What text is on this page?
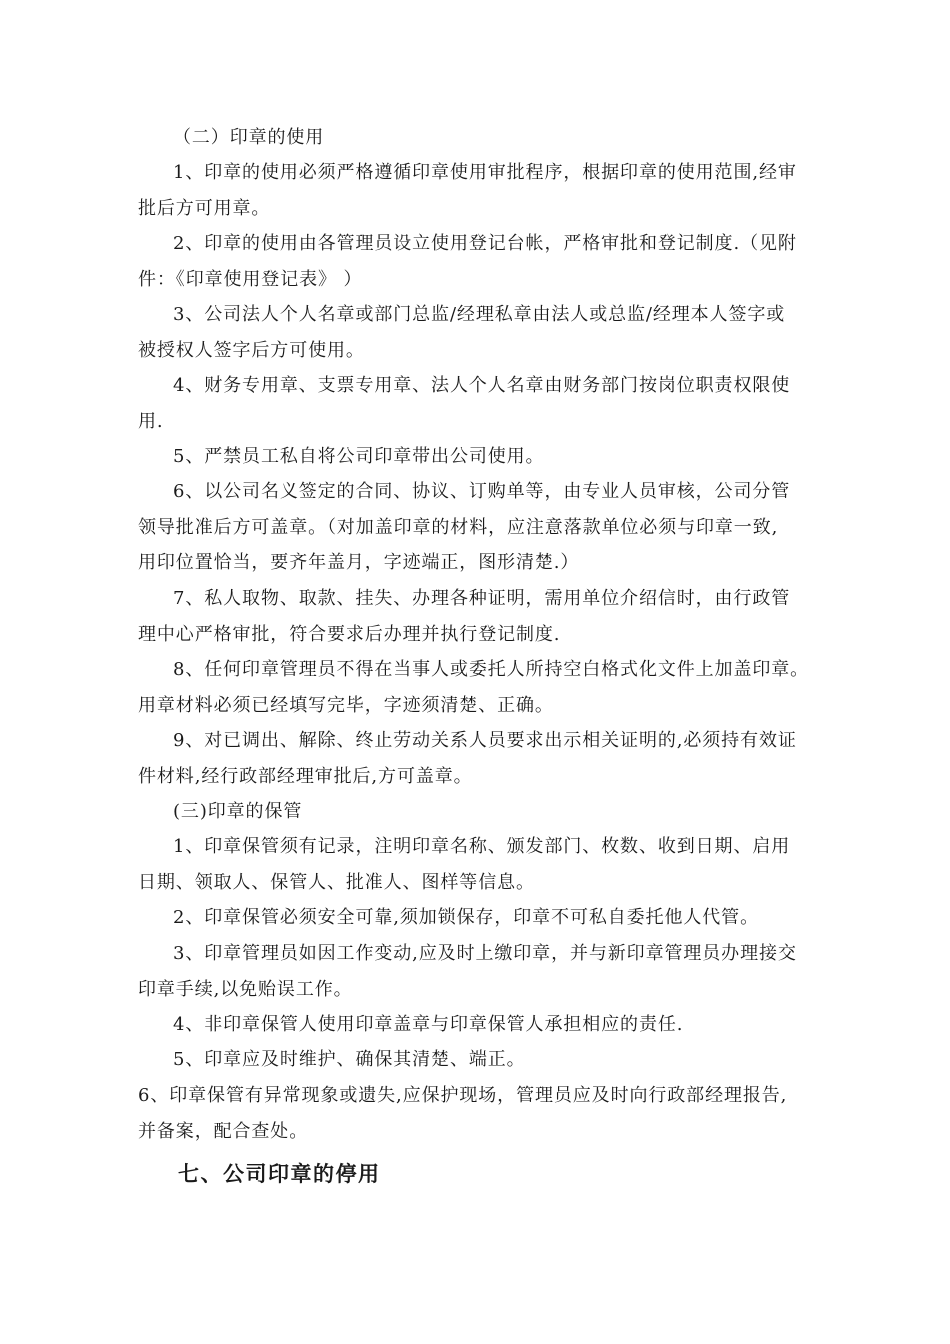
（二）印章的使用
1、印章的使用必须严格遵循印章使用审批程序，根据印章的使用范围,经审
批后方可用章。
2、印章的使用由各管理员设立使用登记台帐，严格审批和登记制度.（见附
件：《印章使用登记表》 ）
3、公司法人个人名章或部门总监/经理私章由法人或总监/经理本人签字或
被授权人签字后方可使用。
4、财务专用章、支票专用章、法人个人名章由财务部门按岗位职责权限使
用.
5、严禁员工私自将公司印章带出公司使用。
6、以公司名义签定的合同、协议、订购单等，由专业人员审核，公司分管
领导批准后方可盖章。（对加盖印章的材料，应注意落款单位必须与印章一致,
用印位置恰当，要齐年盖月，字迹端正，图形清楚.）
7、私人取物、取款、挂失、办理各种证明，需用单位介绍信时，由行政管
理中心严格审批，符合要求后办理并执行登记制度.
8、任何印章管理员不得在当事人或委托人所持空白格式化文件上加盖印章。
用章材料必须已经填写完毕，字迹须清楚、正确。
9、对已调出、解除、终止劳动关系人员要求出示相关证明的,必须持有效证
件材料,经行政部经理审批后,方可盖章。
(三)印章的保管
1、印章保管须有记录，注明印章名称、颁发部门、枚数、收到日期、启用
日期、领取人、保管人、批准人、图样等信息。
2、印章保管必须安全可靠,须加锁保存，印章不可私自委托他人代管。
3、印章管理员如因工作变动,应及时上缴印章，并与新印章管理员办理接交
印章手续,以免贻误工作。
4、非印章保管人使用印章盖章与印章保管人承担相应的责任.
5、印章应及时维护、确保其清楚、端正。
6、印章保管有异常现象或遗失,应保护现场，管理员应及时向行政部经理报告,
并备案，配合查处。
七、公司印章的停用
